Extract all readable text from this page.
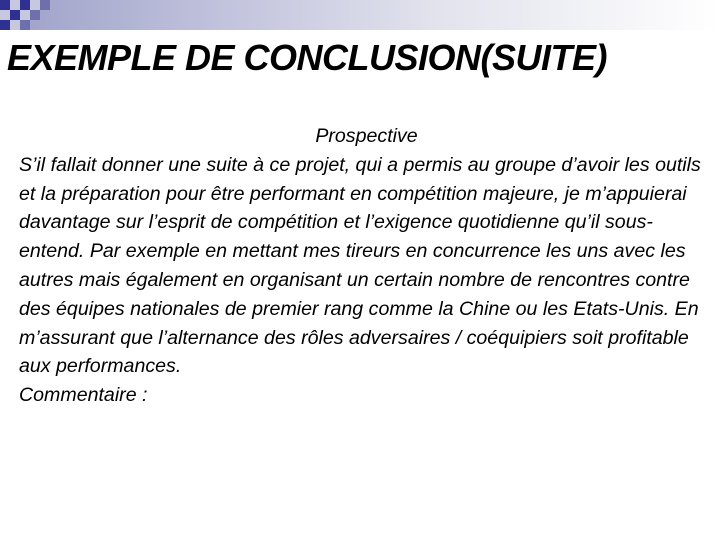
EXEMPLE DE CONCLUSION(SUITE)

Prospective

S’il fallait donner une suite à ce projet, qui a permis au groupe d’avoir les outils et la préparation pour être performant en compétition majeure, je m’appuierai davantage sur l’esprit de compétition et l’exigence quotidienne qu’il sous-entend. Par exemple en mettant mes tireurs en concurrence les uns avec les autres mais également en organisant un certain nombre de rencontres contre des équipes nationales de premier rang comme la Chine ou les Etats-Unis. En m’assurant que l’alternance des rôles adversaires / coéquipiers soit profitable aux performances.

Commentaire :
